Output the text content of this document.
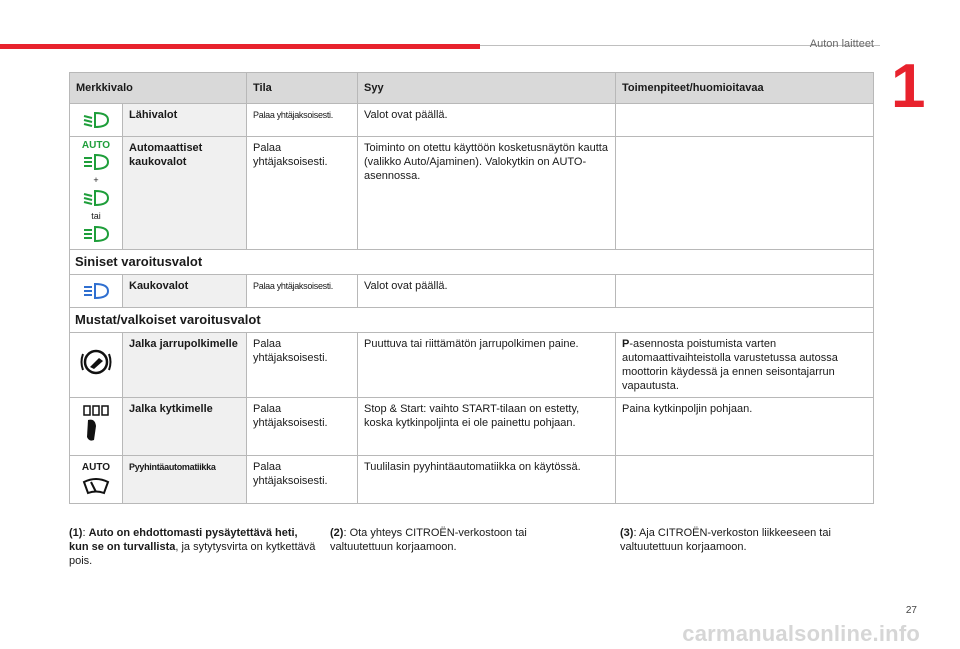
Auton laitteet
1
Merkkivalo		Tila	Syy	Toimenpiteet/huomioitavaa

	Lähivalot	Palaa yhtäjaksoisesti.	Valot ovat päällä.	

AUTO
+
tai	Automaattiset kaukovalot	Palaa yhtäjaksoisesti.	Toiminto on otettu käyttöön kosketusnäytön kautta (valikko Auto/Ajaminen). Valokytkin on AUTO-asennossa.	
Siniset varoitusvalot				

	Kaukovalot	Palaa yhtäjaksoisesti.	Valot ovat päällä.	
Mustat/valkoiset varoitusvalot				

	Jalka jarrupolkimelle	Palaa yhtäjaksoisesti.	Puuttuva tai riittämätön jarrupolkimen paine.	P-asennosta poistumista varten automaattivaihteistolla varustetussa autossa moottorin käydessä ja ennen seisontajarrun vapautusta.

	Jalka kytkimelle	Palaa yhtäjaksoisesti.	Stop & Start: vaihto START-tilaan on estetty, koska kytkinpoljinta ei ole painettu pohjaan.	Paina kytkinpoljin pohjaan.

AUTO	Pyyhintäautomatiikka	Palaa yhtäjaksoisesti.	Tuulilasin pyyhintäautomatiikka on käytössä.	
(1): Auto on ehdottomasti pysäytettävä heti, kun se on turvallista, ja sytytysvirta on kytkettävä pois.
(2): Ota yhteys CITROËN-verkostoon tai valtuutettuun korjaamoon.
(3): Aja CITROËN-verkoston liikkeeseen tai valtuutettuun korjaamoon.
27
carmanualsonline.info
